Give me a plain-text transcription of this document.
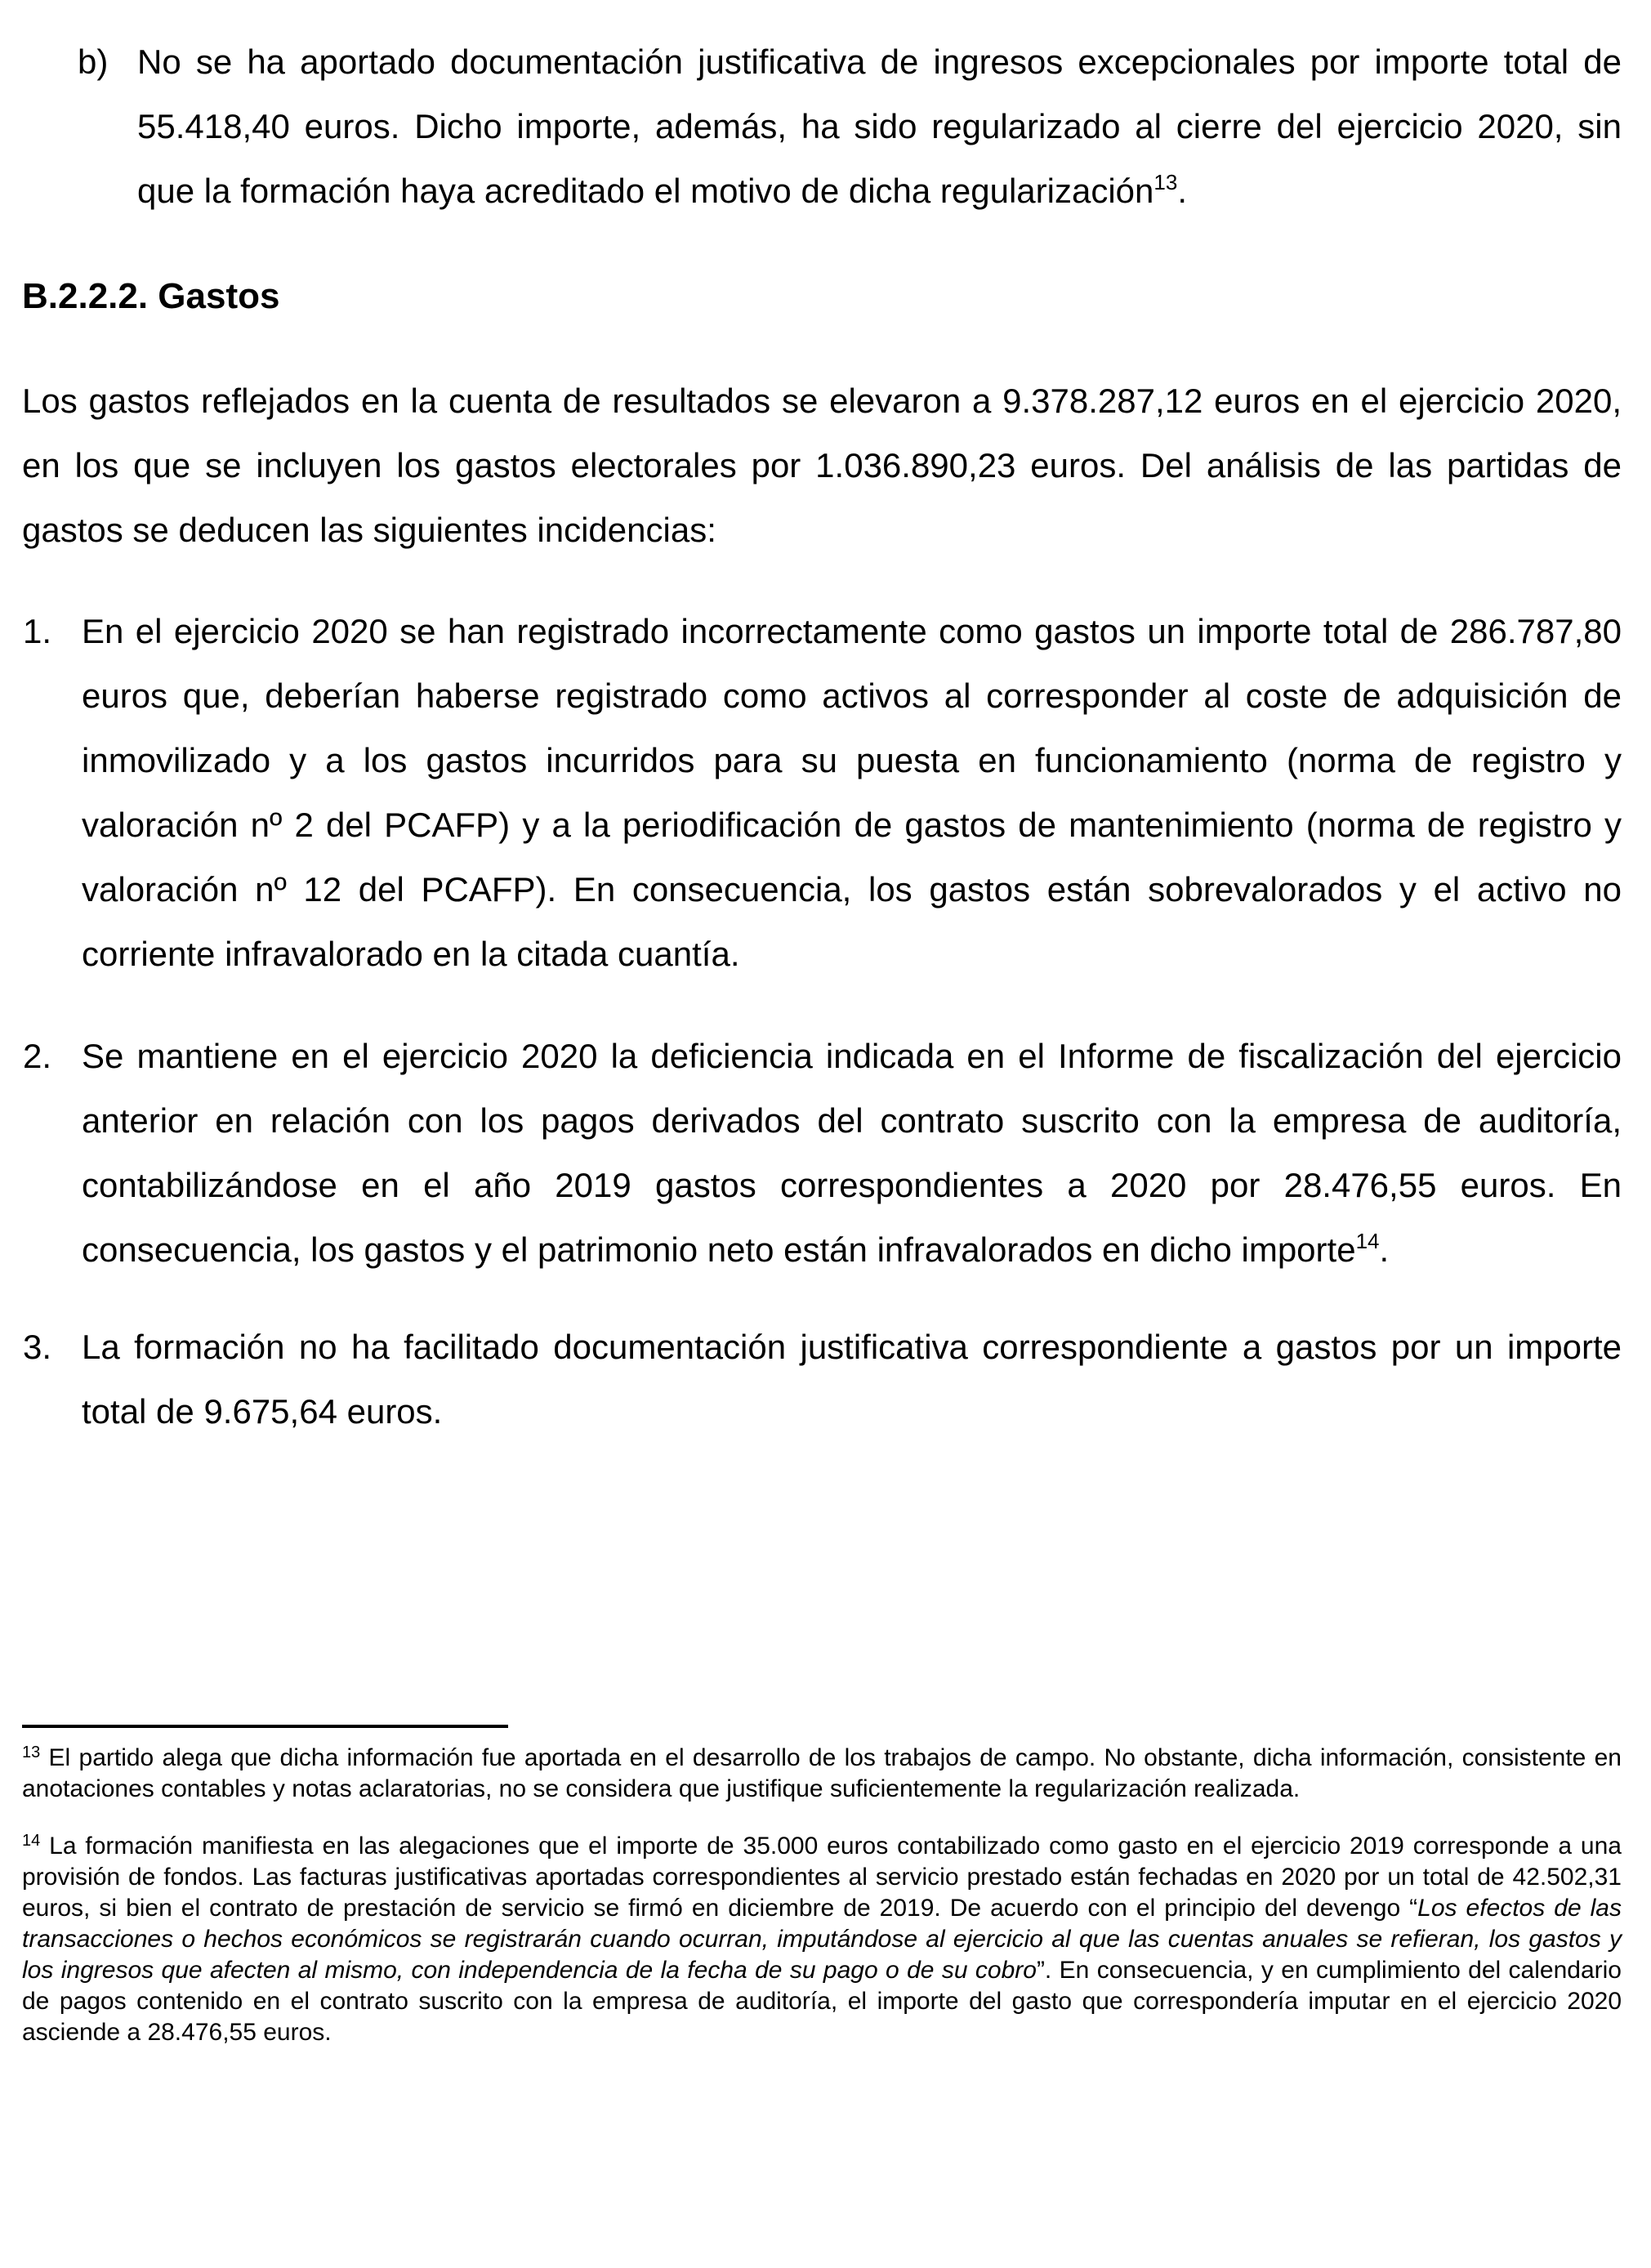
b) No se ha aportado documentación justificativa de ingresos excepcionales por importe total de 55.418,40 euros. Dicho importe, además, ha sido regularizado al cierre del ejercicio 2020, sin que la formación haya acreditado el motivo de dicha regularización$^{13}$.
B.2.2.2. Gastos

Los gastos reflejados en la cuenta de resultados se elevaron a 9.378.287,12 euros en el ejercicio 2020, en los que se incluyen los gastos electorales por 1.036.890,23 euros. Del análisis de las partidas de gastos se deducen las siguientes incidencias:

1. En el ejercicio 2020 se han registrado incorrectamente como gastos un importe total de 286.787,80 euros que, deberían haberse registrado como activos al corresponder al coste de adquisición de inmovilizado y a los gastos incurridos para su puesta en funcionamiento (norma de registro y valoración nº 2 del PCAFP) y a la periodificación de gastos de mantenimiento (norma de registro y valoración nº 12 del PCAFP). En consecuencia, los gastos están sobrevalorados y el activo no corriente infravalorado en la citada cuantía.
2. Se mantiene en el ejercicio 2020 la deficiencia indicada en el Informe de fiscalización del ejercicio anterior en relación con los pagos derivados del contrato suscrito con la empresa de auditoría, contabilizándose en el año 2019 gastos correspondientes a 2020 por 28.476,55 euros. En consecuencia, los gastos y el patrimonio neto están infravalorados en dicho importe$^{14}$.
3. La formación no ha facilitado documentación justificativa correspondiente a gastos por un importe total de 9.675,64 euros.

$^{13}$ El partido alega que dicha información fue aportada en el desarrollo de los trabajos de campo. No obstante, dicha información, consistente en anotaciones contables y notas aclaratorias, no se considera que justifique suficientemente la regularización realizada.

$^{14}$ La formación manifiesta en las alegaciones que el importe de 35.000 euros contabilizado como gasto en el ejercicio 2019 corresponde a una provisión de fondos. Las facturas justificativas aportadas correspondientes al servicio prestado están fechadas en 2020 por un total de 42.502,31 euros, si bien el contrato de prestación de servicio se firmó en diciembre de 2019. De acuerdo con el principio del devengo “Los efectos de las transacciones o hechos económicos se registrarán cuando ocurran, imputándose al ejercicio al que las cuentas anuales se refieran, los gastos y los ingresos que afecten al mismo, con independencia de la fecha de su pago o de su cobro”. En consecuencia, y en cumplimiento del calendario de pagos contenido en el contrato suscrito con la empresa de auditoría, el importe del gasto que correspondería imputar en el ejercicio 2020 asciende a 28.476,55 euros.
